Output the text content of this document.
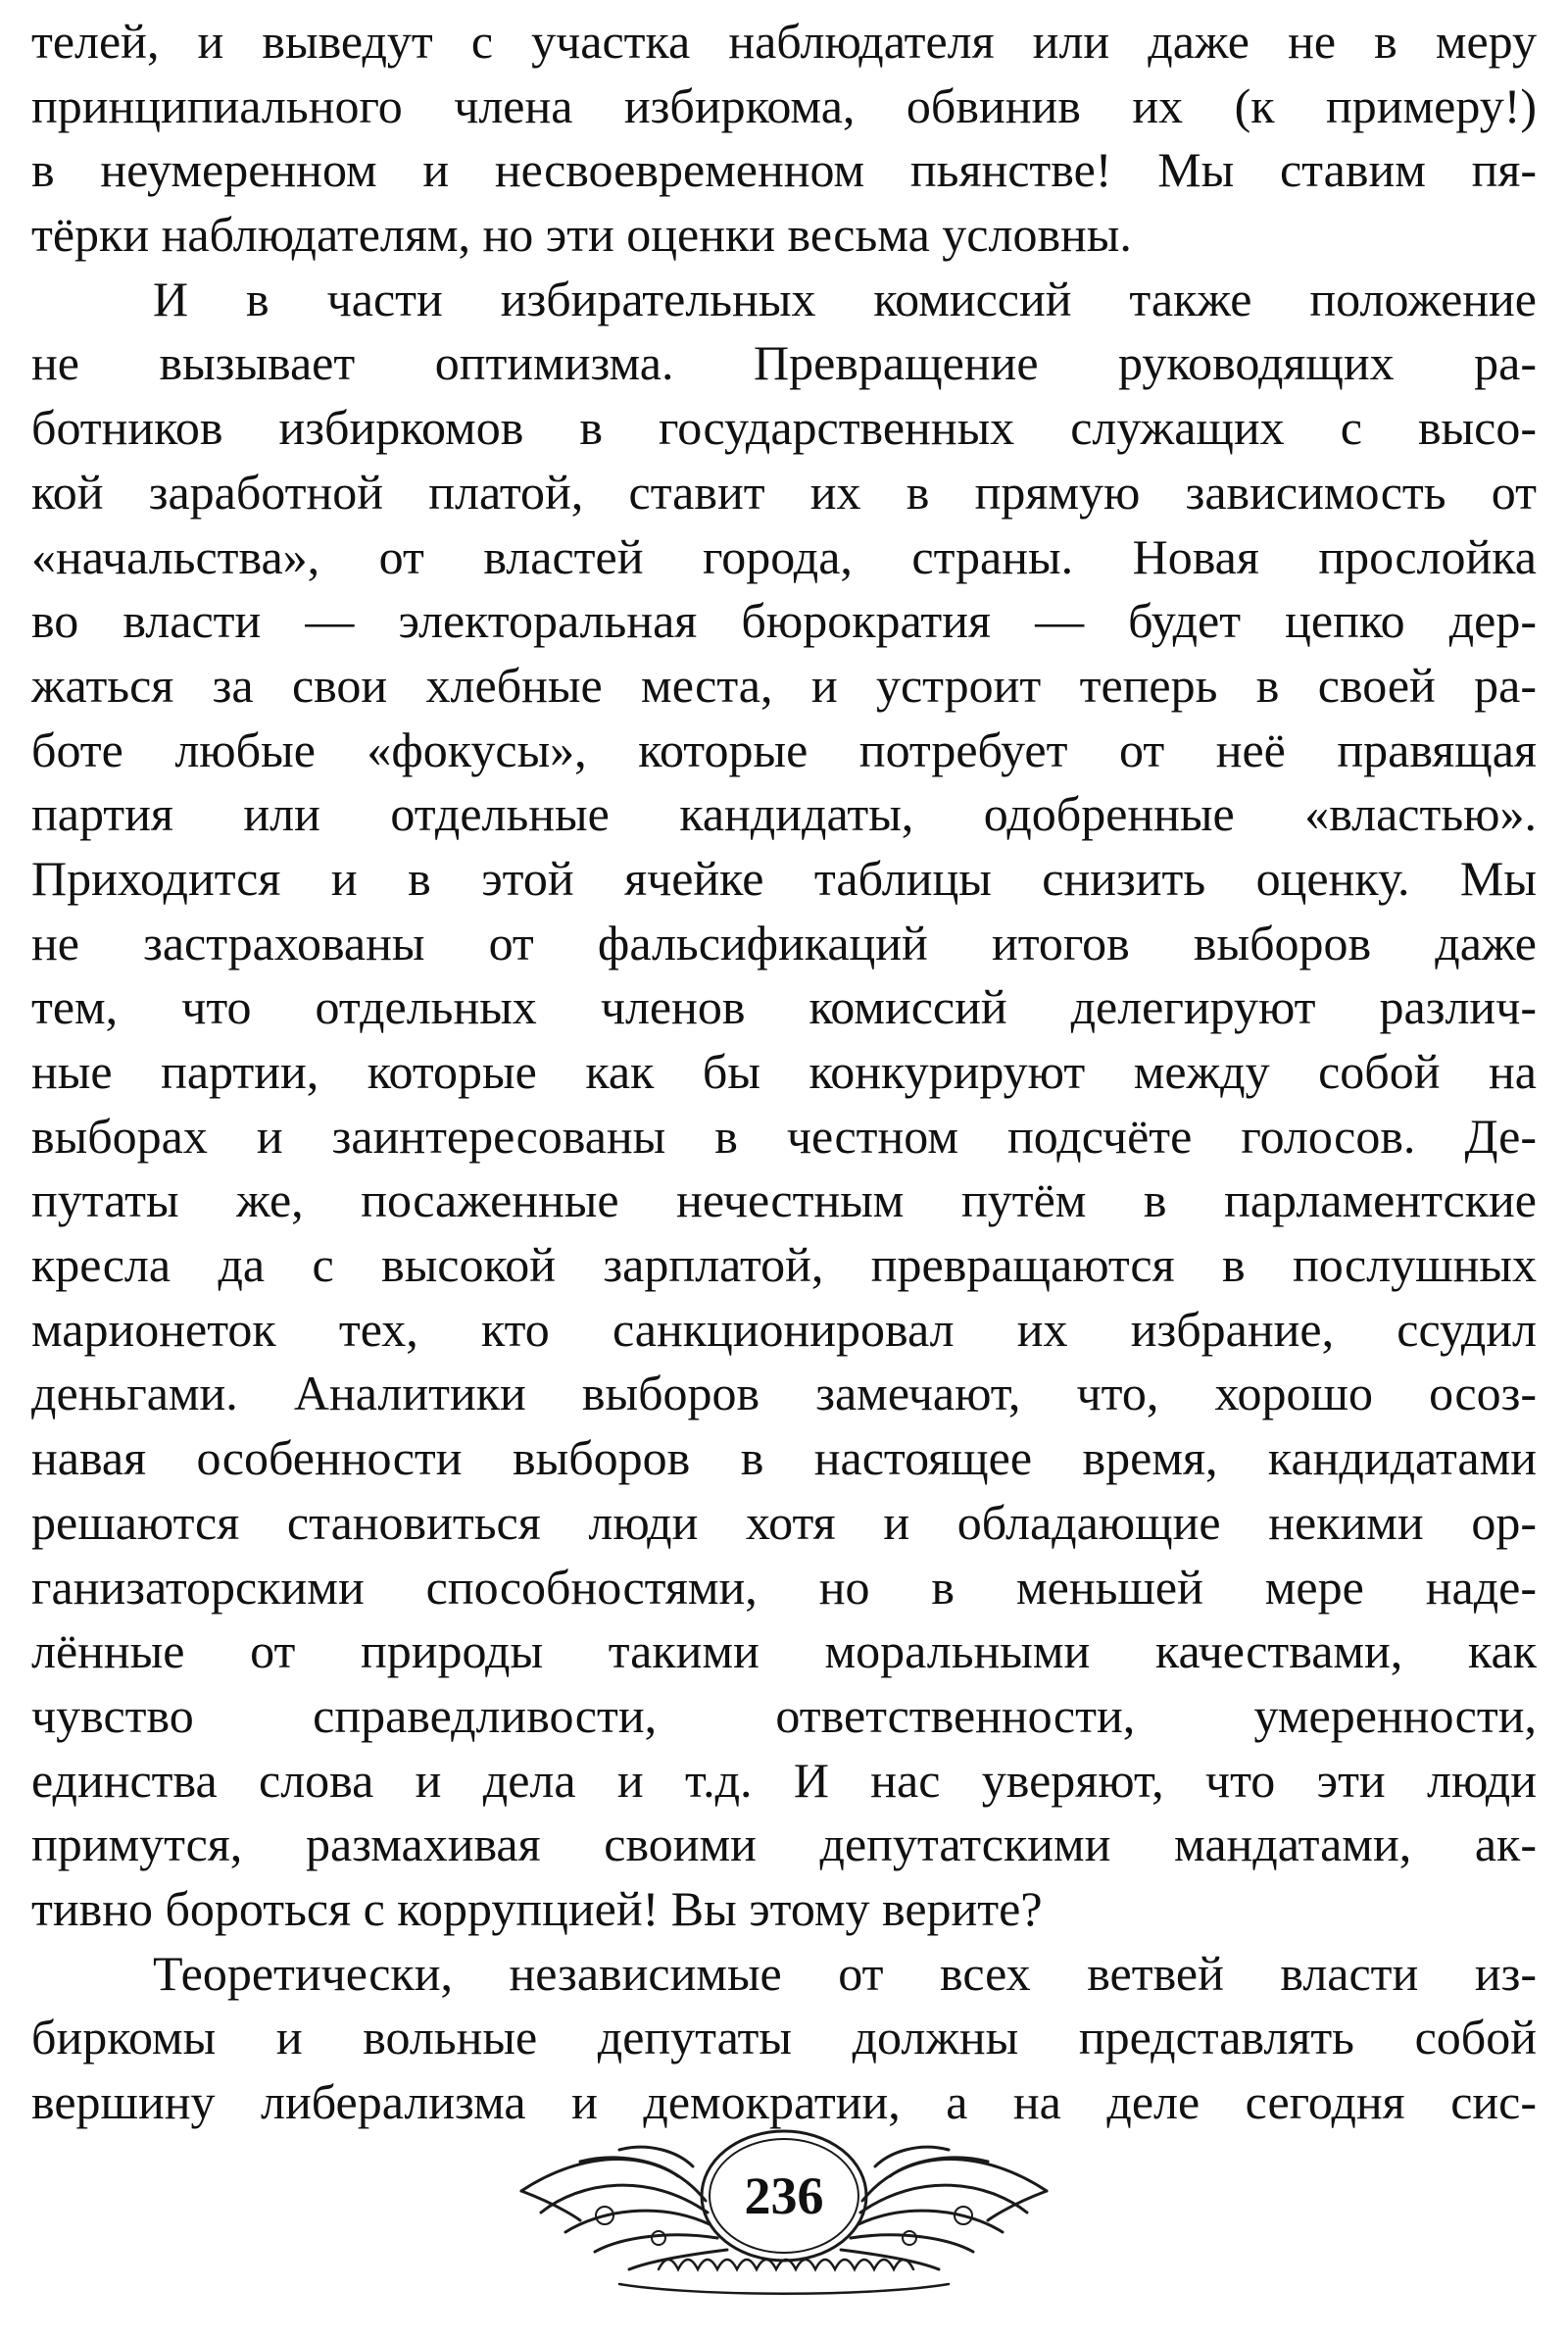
телей, и выведут с участка наблюдателя или даже не в меру
принципиального члена избиркома, обвинив их (к примеру!)
в неумеренном и несвоевременном пьянстве! Мы ставим пя-
тёрки наблюдателям, но эти оценки весьма условны.
И в части избирательных комиссий также положение
не вызывает оптимизма. Превращение руководящих ра-
ботников избиркомов в государственных служащих с высо-
кой заработной платой, ставит их в прямую зависимость от
«начальства», от властей города, страны. Новая прослойка
во власти — электоральная бюрократия — будет цепко дер-
жаться за свои хлебные места, и устроит теперь в своей ра-
боте любые «фокусы», которые потребует от неё правящая
партия или отдельные кандидаты, одобренные «властью».
Приходится и в этой ячейке таблицы снизить оценку. Мы
не застрахованы от фальсификаций итогов выборов даже
тем, что отдельных членов комиссий делегируют различ-
ные партии, которые как бы конкурируют между собой на
выборах и заинтересованы в честном подсчёте голосов. Де-
путаты же, посаженные нечестным путём в парламентские
кресла да с высокой зарплатой, превращаются в послушных
марионеток тех, кто санкционировал их избрание, ссудил
деньгами. Аналитики выборов замечают, что, хорошо осоз-
навая особенности выборов в настоящее время, кандидатами
решаются становиться люди хотя и обладающие некими ор-
ганизаторскими способностями, но в меньшей мере наде-
лённые от природы такими моральными качествами, как
чувство справедливости, ответственности, умеренности,
единства слова и дела и т.д. И нас уверяют, что эти люди
примутся, размахивая своими депутатскими мандатами, ак-
тивно бороться с коррупцией! Вы этому верите?
Теоретически, независимые от всех ветвей власти из-
биркомы и вольные депутаты должны представлять собой
вершину либерализма и демократии, а на деле сегодня сис-
236
